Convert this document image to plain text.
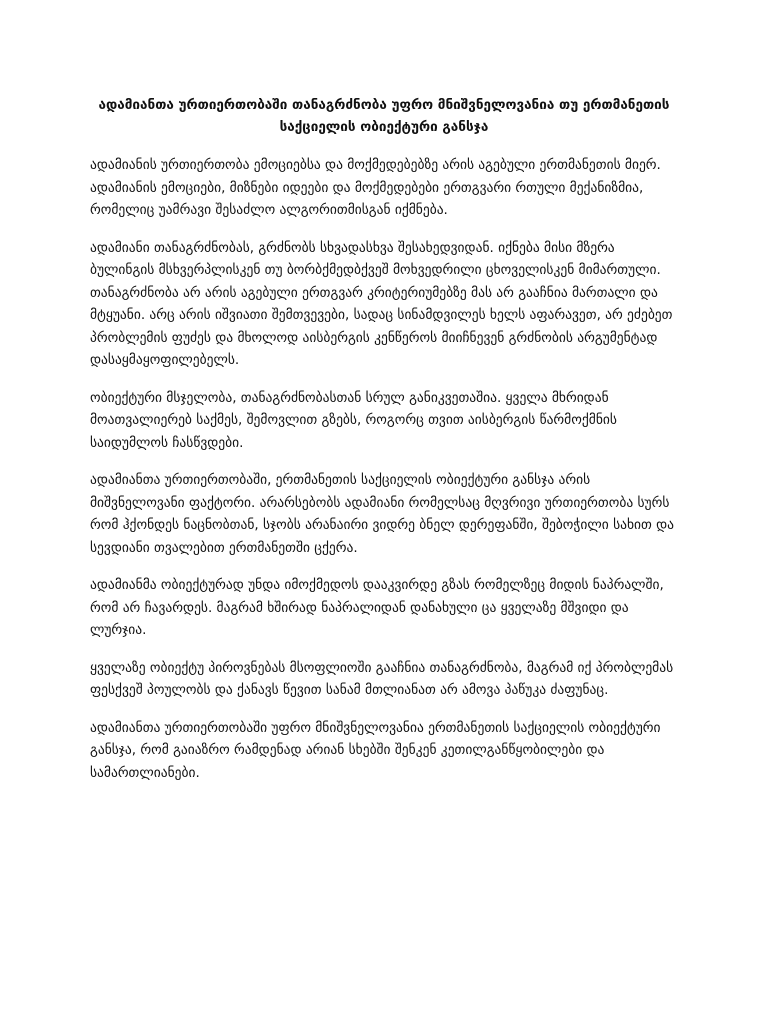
ადამიანთა ურთიერთობაში თანაგრძნობა უფრო მნიშვნელოვანია თუ ერთმანეთის
საქციელის ობიექტური განსჯა

ადამიანის ურთიერთობა ემოციებსა და მოქმედებებზე არის აგებული ერთმანეთის მიერ. ადამიანის ემოციები, მიზნები იდეები და მოქმედებები ერთგვარი რთული მექანიზმია, რომელიც უამრავი შესაძლო ალგორითმისგან იქმნება.

ადამიანი თანაგრძნობას, გრძნობს სხვადასხვა შესახედვიდან. იქნება მისი მზერა ბულინგის მსხვერპლისკენ თუ ბორბქმედბქვეშ მოხვედრილი ცხოველისკენ მიმართული. თანაგრძნობა არ არის აგებული ერთგვარ კრიტერიუმებზე მას არ გააჩნია მართალი და მტყუანი. არც არის იშვიათი შემთვევები, სადაც სინამდვილეს ხელს აფარავეთ, არ ეძებეთ პრობლემის ფუძეს და მხოლოდ აისბერგის კენწეროს მიიჩნევენ გრძნობის არგუმენტად დასაყმაყოფილებელს.

ობიექტური მსჯელობა, თანაგრძნობასთან სრულ განიკვეთაშია. ყველა მხრიდან მოათვალიერებ საქმეს, შემოვლით გზებს, როგორც თვით აისბერგის წარმოქმნის საიდუმლოს ჩასწვდები.

ადამიანთა ურთიერთობაში, ერთმანეთის საქციელის ობიექტური განსჯა არის მიშვნელოვანი ფაქტორი. არარსებობს ადამიანი რომელსაც მღვრივი ურთიერთობა სურს რომ ჰქონდეს ნაცნობთან, სჯობს არანაირი ვიდრე ბნელ დერეფანში, შებოჭილი სახით და სევდიანი თვალებით ერთმანეთში ცქერა.

ადამიანმა ობიექტურად უნდა იმოქმედოს დააკვირდე გზას რომელზეც მიდის ნაპრალში, რომ არ ჩავარდეს. მაგრამ ხშირად ნაპრალიდან დანახული ცა ყველაზე მშვიდი და ლურჯია.

ყველაზე ობიექტუ პიროვნებას მსოფლიოში გააჩნია თანაგრძნობა, მაგრამ იქ პრობლემას ფესქვეშ პოულობს და ქანავს წევით სანამ მთლიანათ არ ამოვა პაწუკა ძაფუნაც.

ადამიანთა ურთიერთობაში უფრო მნიშვნელოვანია ერთმანეთის საქციელის ობიექტური განსჯა, რომ გაიაზრო რამდენად არიან სხებში შენკენ კეთილგანწყობილები და სამართლიანები.
